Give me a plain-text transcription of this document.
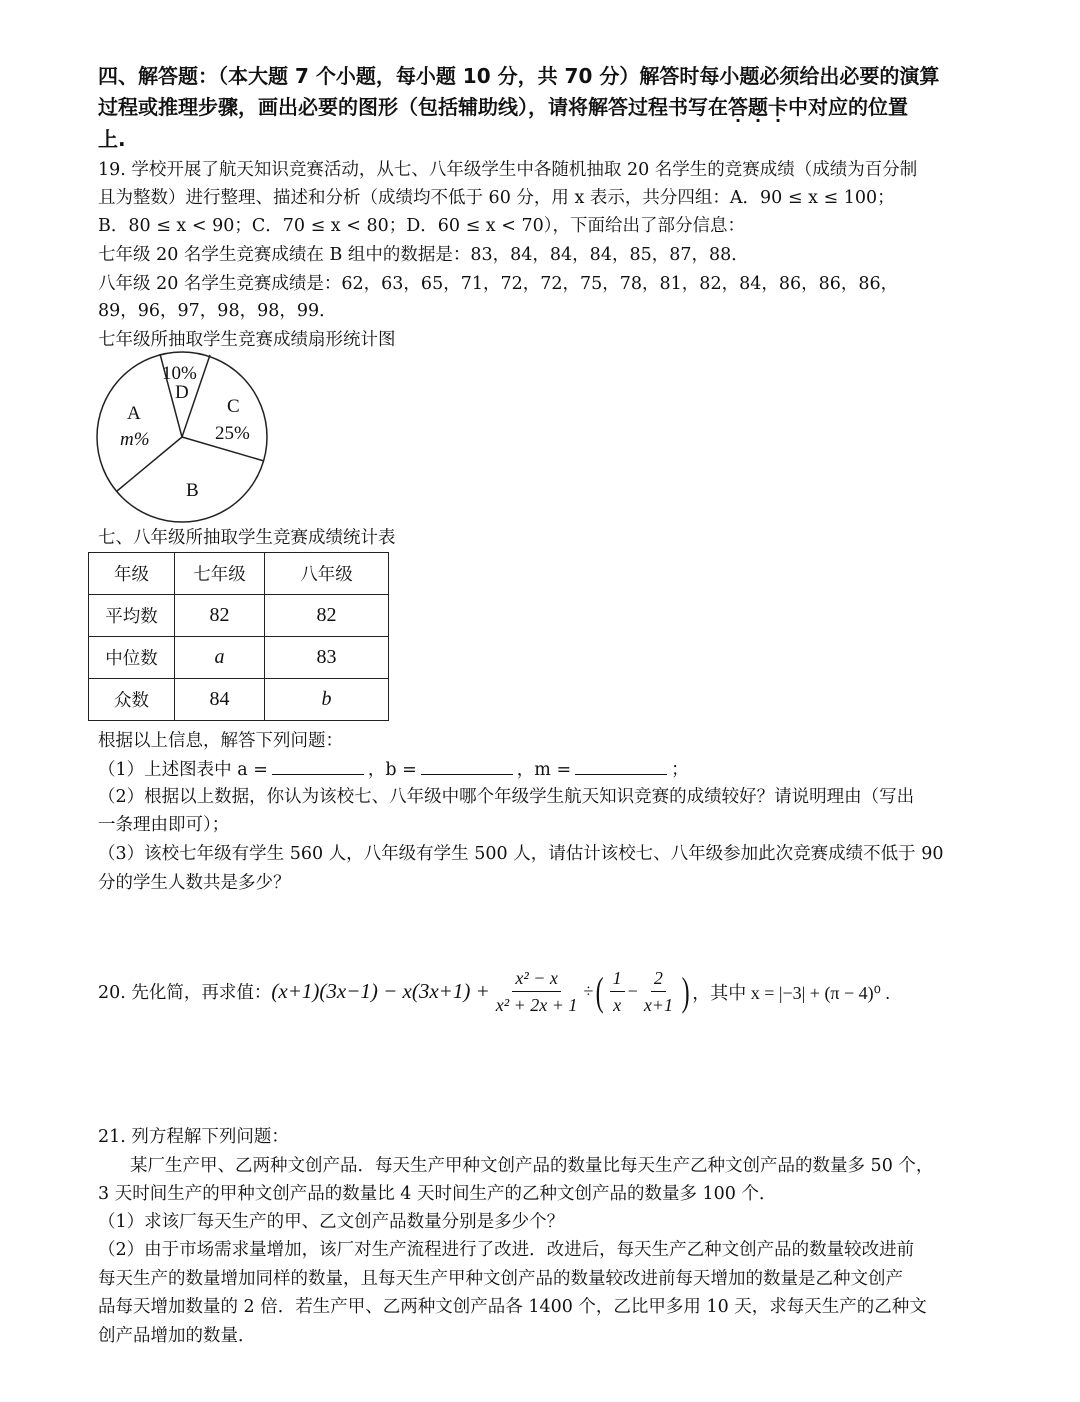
四、解答题：（本大题 7 个小题，每小题 10 分，共 70 分）解答时每小题必须给出必要的演算
过程或推理步骤，画出必要的图形（包括辅助线），请将解答过程书写在答题卡中对应的位置
上.
19. 学校开展了航天知识竞赛活动，从七、八年级学生中各随机抽取 20 名学生的竞赛成绩（成绩为百分制
且为整数）进行整理、描述和分析（成绩均不低于 60 分，用 x 表示，共分四组：A．90 ≤ x ≤ 100；
B．80 ≤ x < 90；C．70 ≤ x < 80；D．60 ≤ x < 70），下面给出了部分信息：
七年级 20 名学生竞赛成绩在 B 组中的数据是：83，84，84，84，85，87，88．
八年级 20 名学生竞赛成绩是：62，63，65，71，72，72，75，78，81，82，84，86，86，86，
89，96，97，98，98，99．
七年级所抽取学生竞赛成绩扇形统计图
10%
D
C
25%
B
A
m%
七、八年级所抽取学生竞赛成绩统计表
年级	七年级	八年级
平均数	82	82
中位数	a	83
众数	84	b
根据以上信息，解答下列问题：
（1）上述图表中 a =	，b =	，m =	；
（2）根据以上数据，你认为该校七、八年级中哪个年级学生航天知识竞赛的成绩较好？请说明理由（写出
一条理由即可）；
（3）该校七年级有学生 560 人，八年级有学生 500 人，请估计该校七、八年级参加此次竞赛成绩不低于 90
分的学生人数共是多少？
20. 先化简，再求值： $(x+1)(3x-1) - x(3x+1) + \frac{\text{x² − x}}{\text{x² + 2x + 1}}$ ÷ ( $\frac{1}{x} - \frac{2}{x+1}$ ) ，其中 x = |−3| + (π − 4)⁰ .
21. 列方程解下列问题：
某厂生产甲、乙两种文创产品．每天生产甲种文创产品的数量比每天生产乙种文创产品的数量多 50 个，
3 天时间生产的甲种文创产品的数量比 4 天时间生产的乙种文创产品的数量多 100 个．
（1）求该厂每天生产的甲、乙文创产品数量分别是多少个？
（2）由于市场需求量增加，该厂对生产流程进行了改进．改进后，每天生产乙种文创产品的数量较改进前
每天生产的数量增加同样的数量，且每天生产甲种文创产品的数量较改进前每天增加的数量是乙种文创产
品每天增加数量的 2 倍．若生产甲、乙两种文创产品各 1400 个，乙比甲多用 10 天，求每天生产的乙种文
创产品增加的数量．
